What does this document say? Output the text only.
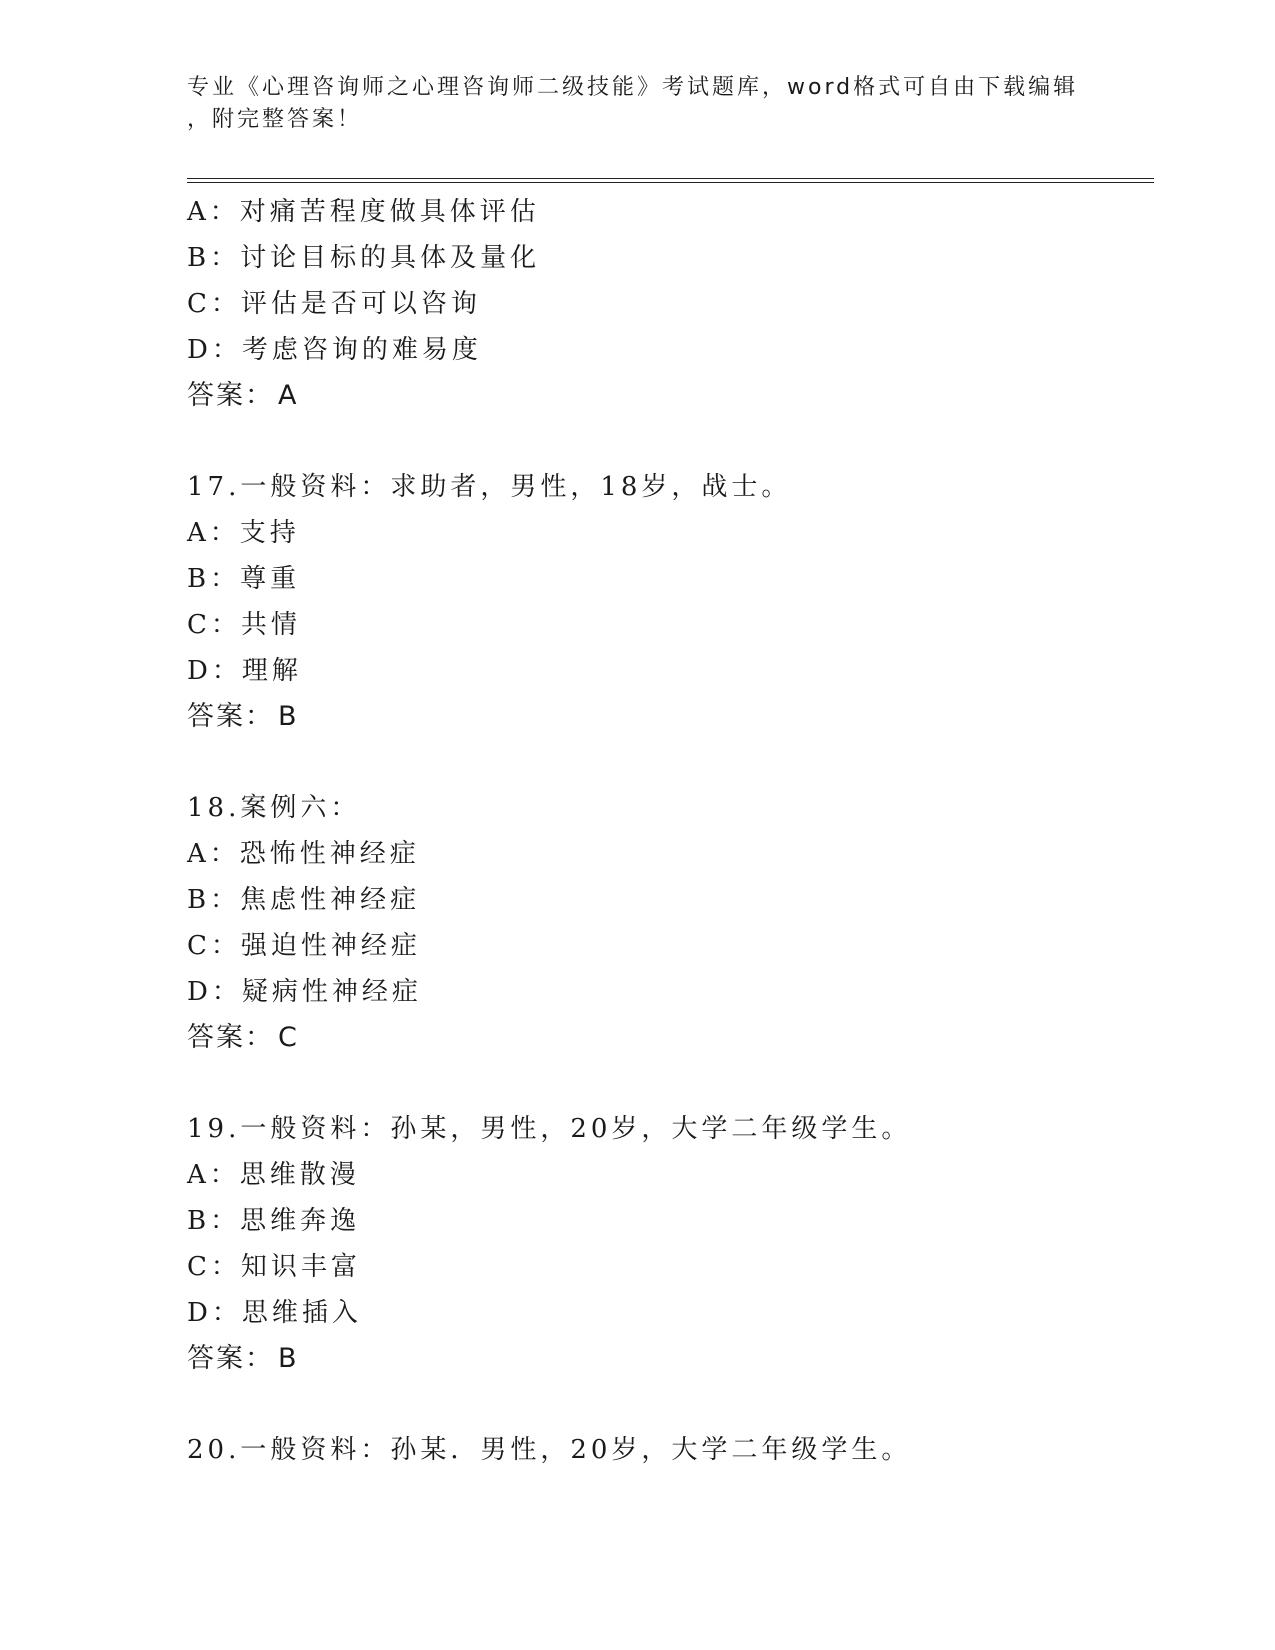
专业《心理咨询师之心理咨询师二级技能》考试题库，word格式可自由下载编辑
，附完整答案！
A：对痛苦程度做具体评估
B：讨论目标的具体及量化
C：评估是否可以咨询
D：考虑咨询的难易度
答案： A
17.一般资料：求助者，男性，18岁，战士。
A：支持
B：尊重
C：共情
D：理解
答案： B
18.案例六：
A：恐怖性神经症
B：焦虑性神经症
C：强迫性神经症
D：疑病性神经症
答案： C
19.一般资料：孙某，男性，20岁，大学二年级学生。
A：思维散漫
B：思维奔逸
C：知识丰富
D：思维插入
答案： B
20.一般资料：孙某．男性，20岁，大学二年级学生。
